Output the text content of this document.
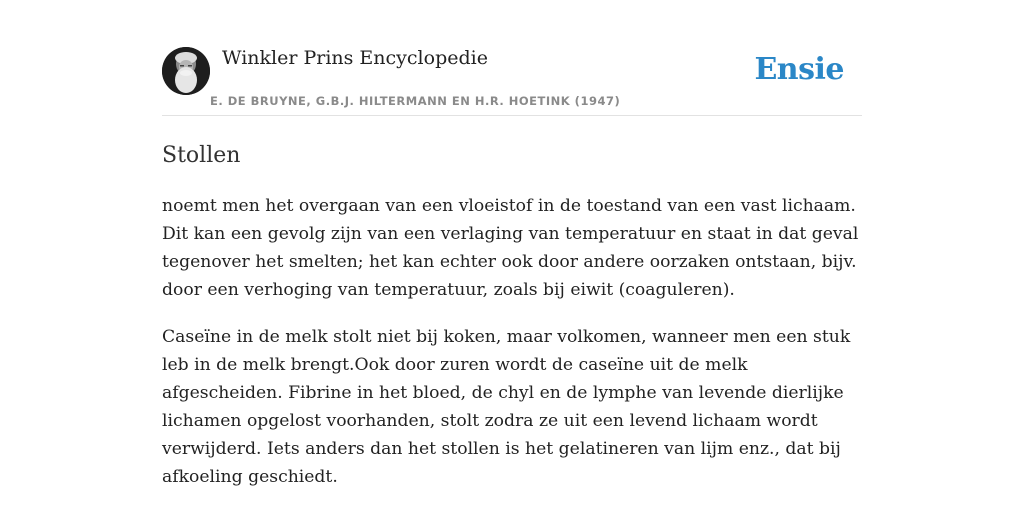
Winkler Prins Encyclopedie
E. DE BRUYNE, G.B.J. HILTERMANN EN H.R. HOETINK (1947)
Ensie
Stollen

noemt men het overgaan van een vloeistof in de toestand van een vast lichaam. Dit kan een gevolg zijn van een verlaging van temperatuur en staat in dat geval tegenover het smelten; het kan echter ook door andere oorzaken ontstaan, bijv. door een verhoging van temperatuur, zoals bij eiwit (coaguleren).

Caseïne in de melk stolt niet bij koken, maar volkomen, wanneer men een stuk leb in de melk brengt.Ook door zuren wordt de caseïne uit de melk afgescheiden. Fibrine in het bloed, de chyl en de lymphe van levende dierlijke lichamen opgelost voorhanden, stolt zodra ze uit een levend lichaam wordt verwijderd. Iets anders dan het stollen is het gelatineren van lijm enz., dat bij afkoeling geschiedt.
